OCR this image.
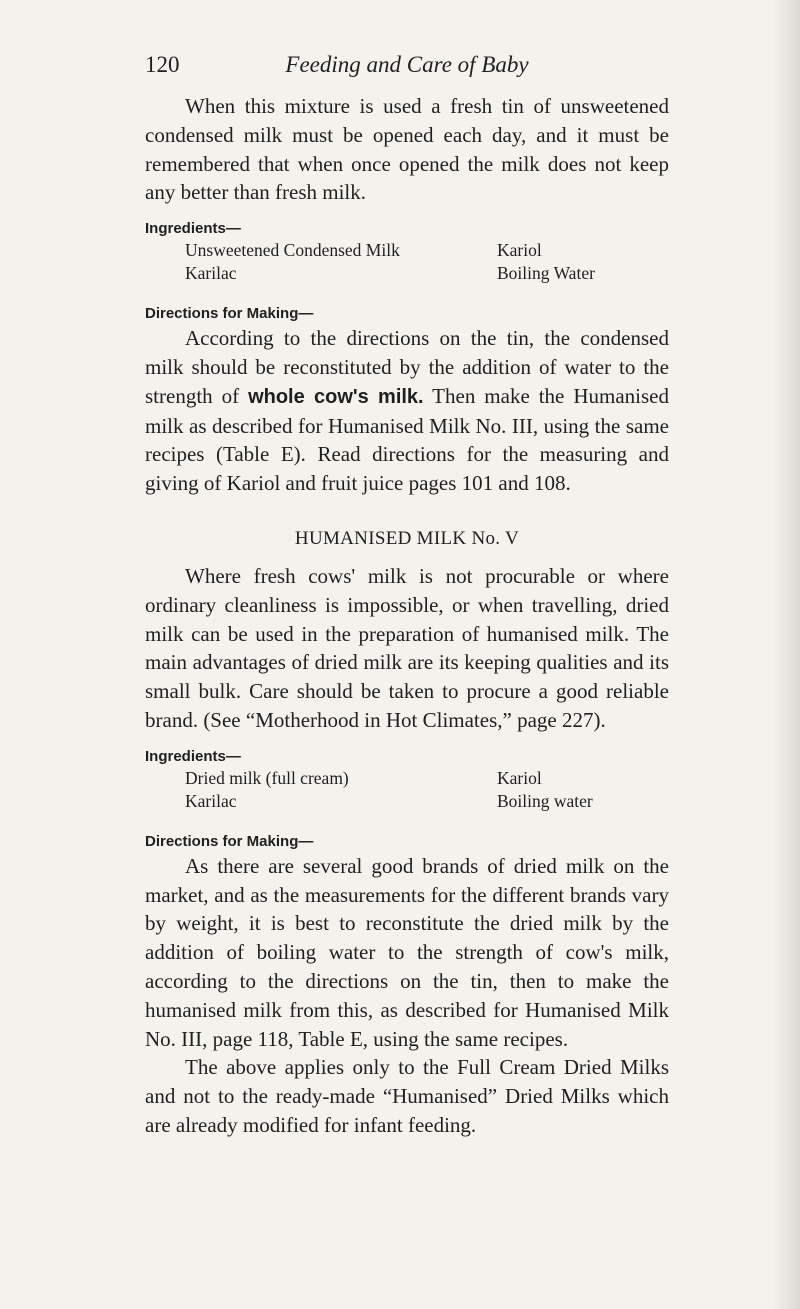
120	Feeding and Care of Baby

When this mixture is used a fresh tin of unsweetened condensed milk must be opened each day, and it must be remembered that when once opened the milk does not keep any better than fresh milk.

Ingredients—

Unsweetened Condensed Milk	Kariol
Karilac	Boiling Water

Directions for Making—

According to the directions on the tin, the condensed milk should be reconstituted by the addition of water to the strength of whole cow's milk. Then make the Humanised milk as described for Humanised Milk No. III, using the same recipes (Table E). Read directions for the measuring and giving of Kariol and fruit juice pages 101 and 108.

HUMANISED MILK No. V

Where fresh cows' milk is not procurable or where ordinary cleanliness is impossible, or when travelling, dried milk can be used in the preparation of humanised milk. The main advantages of dried milk are its keeping qualities and its small bulk. Care should be taken to procure a good reliable brand. (See “Motherhood in Hot Climates,” page 227).

Ingredients—

Dried milk (full cream)	Kariol
Karilac	Boiling water

Directions for Making—

As there are several good brands of dried milk on the market, and as the measurements for the different brands vary by weight, it is best to reconstitute the dried milk by the addition of boiling water to the strength of cow's milk, according to the directions on the tin, then to make the humanised milk from this, as described for Humanised Milk No. III, page 118, Table E, using the same recipes.

The above applies only to the Full Cream Dried Milks and not to the ready-made “Humanised” Dried Milks which are already modified for infant feeding.
